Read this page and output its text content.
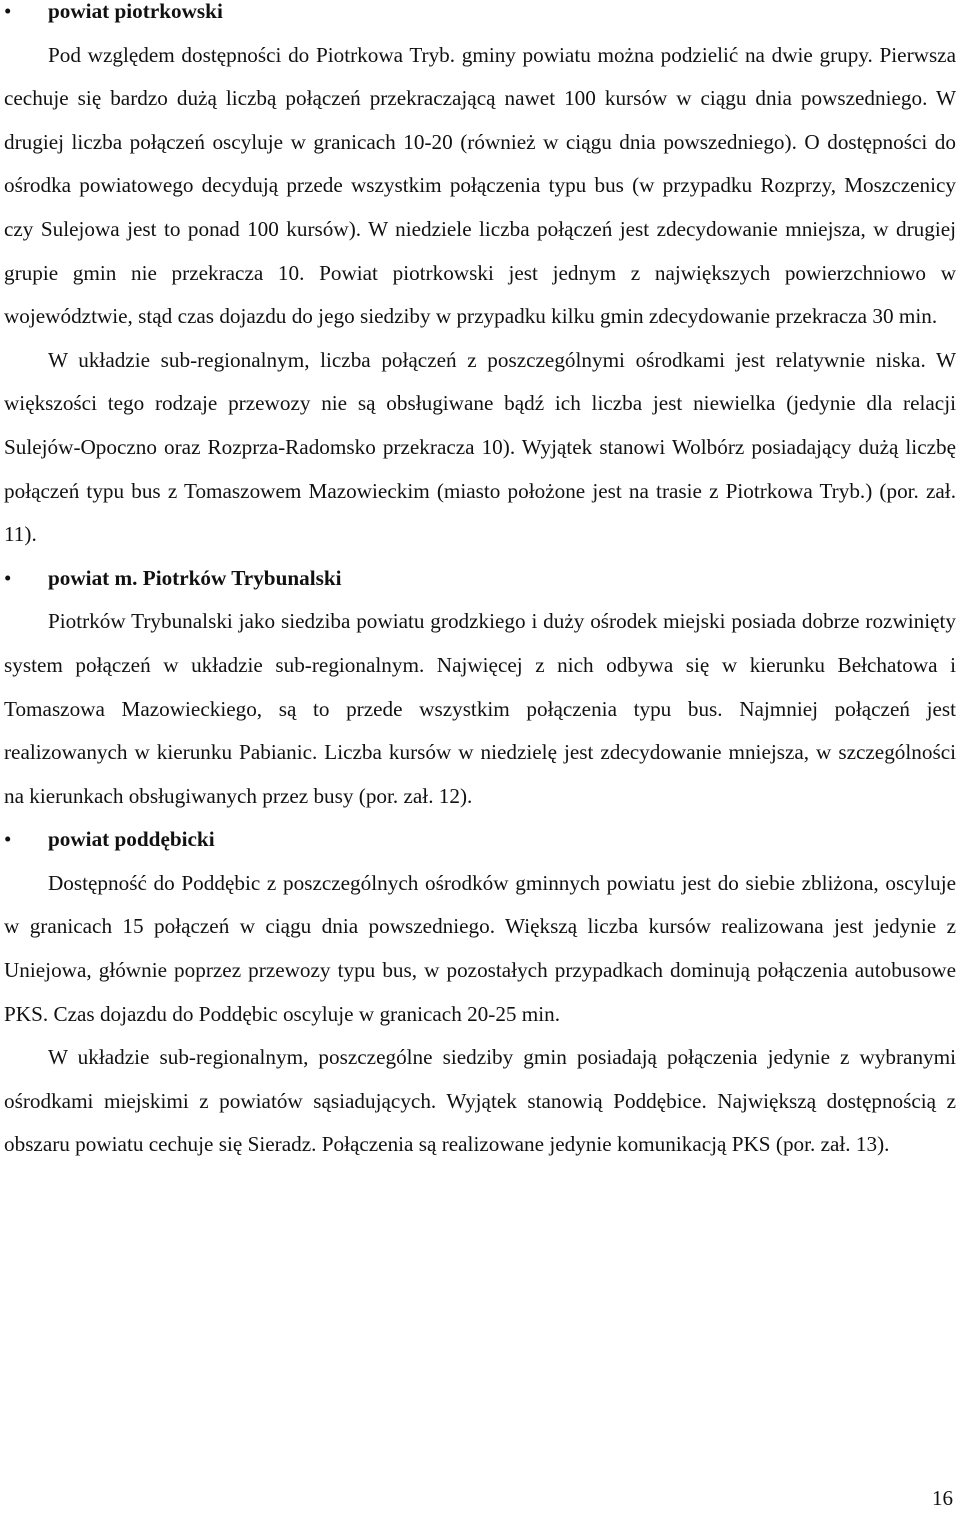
• powiat piotrkowski

Pod względem dostępności do Piotrkowa Tryb. gminy powiatu można podzielić na dwie grupy. Pierwsza cechuje się bardzo dużą liczbą połączeń przekraczającą nawet 100 kursów w ciągu dnia powszedniego. W drugiej liczba połączeń oscyluje w granicach 10-20 (również w ciągu dnia powszedniego). O dostępności do ośrodka powiatowego decydują przede wszystkim połączenia typu bus (w przypadku Rozprzy, Moszczenicy czy Sulejowa jest to ponad 100 kursów). W niedziele liczba połączeń jest zdecydowanie mniejsza, w drugiej grupie gmin nie przekracza 10. Powiat piotrkowski jest jednym z największych powierzchniowo w województwie, stąd czas dojazdu do jego siedziby w przypadku kilku gmin zdecydowanie przekracza 30 min.

W układzie sub-regionalnym, liczba połączeń z poszczególnymi ośrodkami jest relatywnie niska. W większości tego rodzaje przewozy nie są obsługiwane bądź ich liczba jest niewielka (jedynie dla relacji Sulejów-Opoczno oraz Rozprza-Radomsko przekracza 10). Wyjątek stanowi Wolbórz posiadający dużą liczbę połączeń typu bus z Tomaszowem Mazowieckim (miasto położone jest na trasie z Piotrkowa Tryb.) (por. zał. 11).

• powiat m. Piotrków Trybunalski

Piotrków Trybunalski jako siedziba powiatu grodzkiego i duży ośrodek miejski posiada dobrze rozwinięty system połączeń w układzie sub-regionalnym. Najwięcej z nich odbywa się w kierunku Bełchatowa i Tomaszowa Mazowieckiego, są to przede wszystkim połączenia typu bus. Najmniej połączeń jest realizowanych w kierunku Pabianic. Liczba kursów w niedzielę jest zdecydowanie mniejsza, w szczególności na kierunkach obsługiwanych przez busy (por. zał. 12).

• powiat poddębicki

Dostępność do Poddębic z poszczególnych ośrodków gminnych powiatu jest do siebie zbliżona, oscyluje w granicach 15 połączeń w ciągu dnia powszedniego. Większą liczba kursów realizowana jest jedynie z Uniejowa, głównie poprzez przewozy typu bus, w pozostałych przypadkach dominują połączenia autobusowe PKS. Czas dojazdu do Poddębic oscyluje w granicach 20-25 min.

W układzie sub-regionalnym, poszczególne siedziby gmin posiadają połączenia jedynie z wybranymi ośrodkami miejskimi z powiatów sąsiadujących. Wyjątek stanowią Poddębice. Największą dostępnością z obszaru powiatu cechuje się Sieradz. Połączenia są realizowane jedynie komunikacją PKS (por. zał. 13).

16
